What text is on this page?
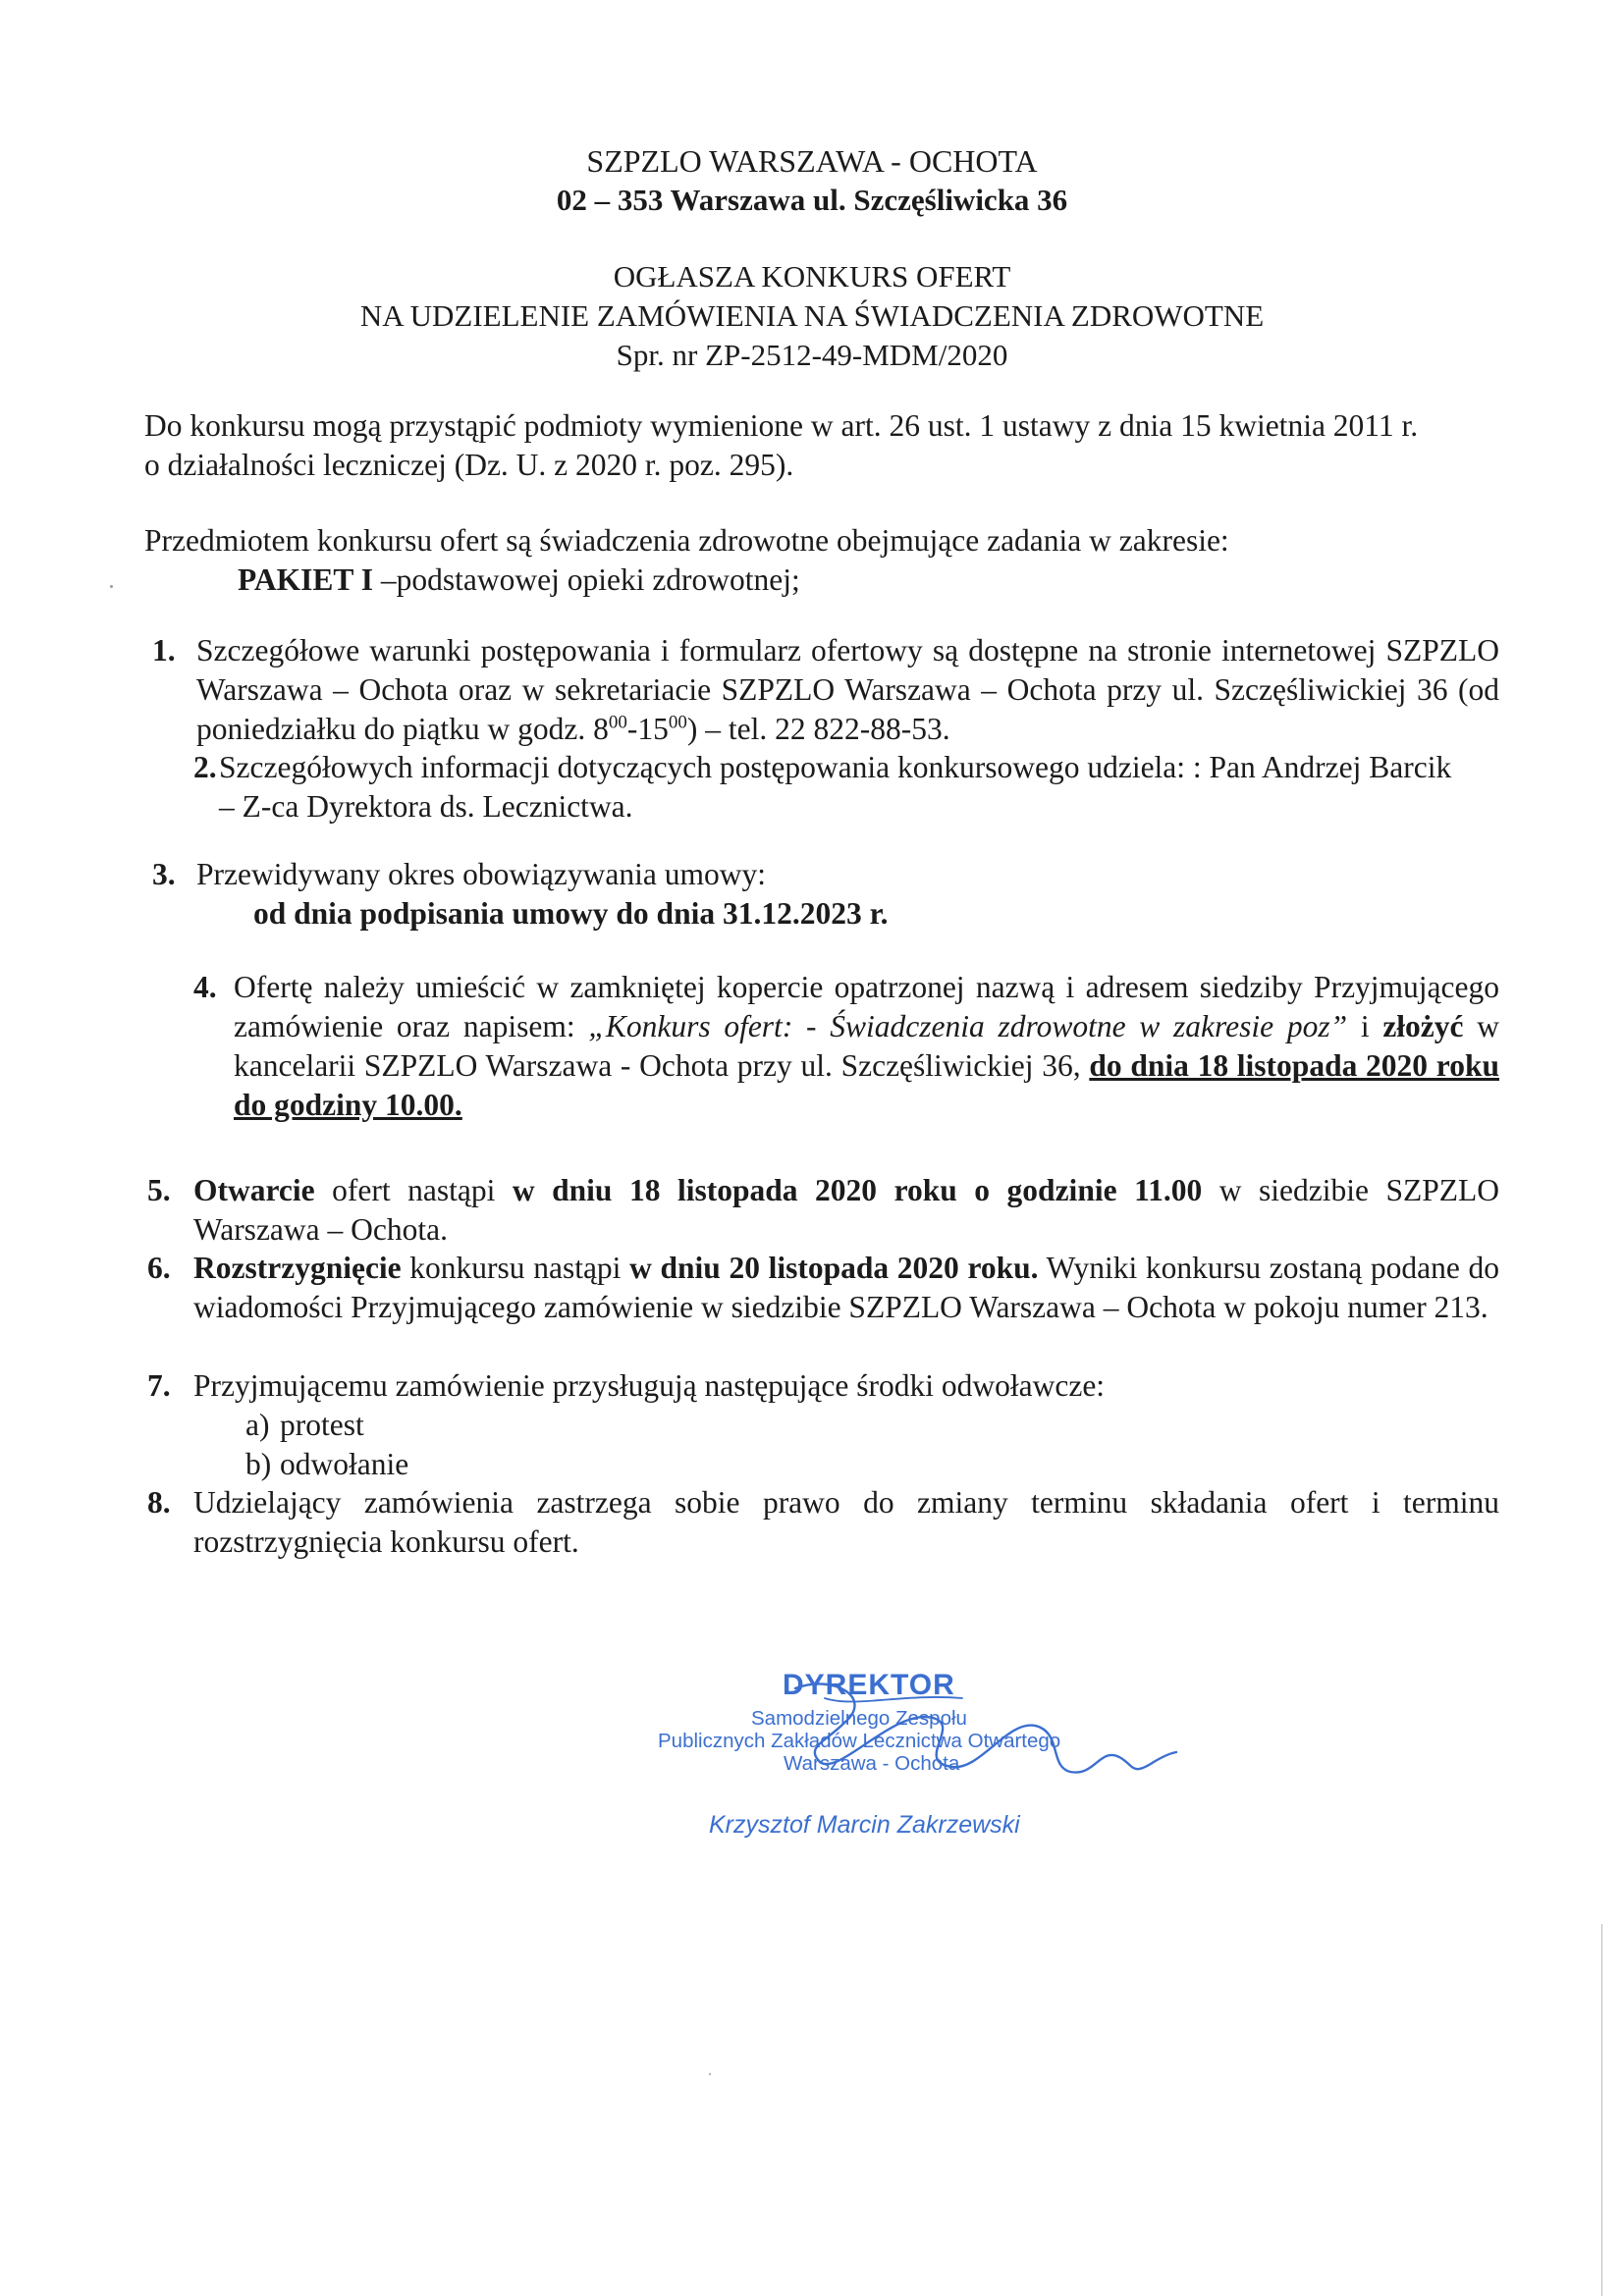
SZPZLO WARSZAWA - OCHOTA
02 – 353 Warszawa ul. Szczęśliwicka 36
OGŁASZA KONKURS OFERT
NA UDZIELENIE ZAMÓWIENIA NA ŚWIADCZENIA ZDROWOTNE
Spr. nr ZP-2512-49-MDM/2020

Do konkursu mogą przystąpić podmioty wymienione w art. 26 ust. 1 ustawy z dnia 15 kwietnia 2011 r.

o działalności leczniczej (Dz. U. z 2020 r. poz. 295).

Przedmiotem konkursu ofert są świadczenia zdrowotne obejmujące zadania w zakresie:

PAKIET I –podstawowej opieki zdrowotnej;

1. Szczegółowe warunki postępowania i formularz ofertowy są dostępne na stronie internetowej SZPZLO Warszawa – Ochota oraz w sekretariacie SZPZLO Warszawa – Ochota przy ul. Szczęśliwickiej 36 (od poniedziałku do piątku w godz. $8^{00}-15^{00}$) – tel. 22 822-88-53.
2. Szczegółowych informacji dotyczących postępowania konkursowego udziela: : Pan Andrzej Barcik – Z-ca Dyrektora ds. Lecznictwa.
3. Przewidywany okres obowiązywania umowy:
od dnia podpisania umowy do dnia 31.12.2023 r.
4. Ofertę należy umieścić w zamkniętej kopercie opatrzonej nazwą i adresem siedziby Przyjmującego zamówienie oraz napisem: „Konkurs ofert: - Świadczenia zdrowotne w zakresie poz” i złożyć w kancelarii SZPZLO Warszawa - Ochota przy ul. Szczęśliwickiej 36, do dnia 18 listopada 2020 roku do godziny 10.00.
5. Otwarcie ofert nastąpi w dniu 18 listopada 2020 roku o godzinie 11.00 w siedzibie SZPZLO Warszawa – Ochota.
6. Rozstrzygnięcie konkursu nastąpi w dniu 20 listopada 2020 roku. Wyniki konkursu zostaną podane do wiadomości Przyjmującego zamówienie w siedzibie SZPZLO Warszawa – Ochota w pokoju numer 213.
7. Przyjmującemu zamówienie przysługują następujące środki odwoławcze:
a) protest
b) odwołanie
8. Udzielający zamówienia zastrzega sobie prawo do zmiany terminu składania ofert i terminu rozstrzygnięcia konkursu ofert.
DYREKTOR
Samodzielnego Zespołu
Publicznych Zakładów Lecznictwa Otwartego
Warszawa - Ochota
Krzysztof Marcin Zakrzewski
